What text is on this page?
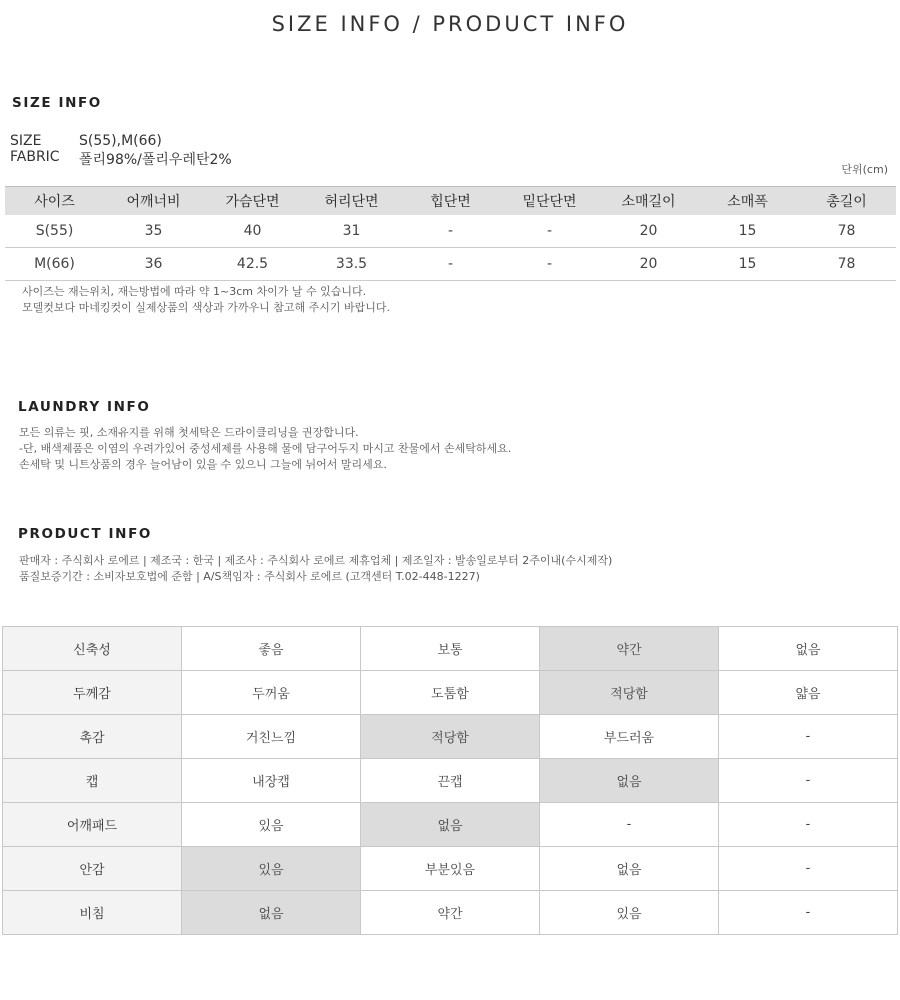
SIZE INFO / PRODUCT INFO
SIZE INFO
SIZE	S(55),M(66)
FABRIC 폴리98%/폴리우레탄2%
단위(cm)
사이즈	어깨너비	가슴단면	허리단면	힙단면	밑단단면	소매길이	소매폭	총길이
S(55)	35	40	31	-	-	20	15	78
M(66)	36	42.5	33.5	-	-	20	15	78
사이즈는 재는위치, 재는방법에 따라 약 1~3cm 차이가 날 수 있습니다.
모델컷보다 마네킹컷이 실제상품의 색상과 가까우니 참고해 주시기 바랍니다.
LAUNDRY INFO
모든 의류는 핏, 소재유지를 위해 첫세탁은 드라이클리닝을 권장합니다.
-단, 배색제품은 이염의 우려가있어 중성세제를 사용해 물에 담구어두지 마시고 찬물에서 손세탁하세요.
손세탁 및 니트상품의 경우 늘어남이 있을 수 있으니 그늘에 뉘어서 말리세요.
PRODUCT INFO
판매자 : 주식회사 로에르 | 제조국 : 한국 | 제조사 : 주식회사 로에르 제휴업체 | 제조일자 : 발송일로부터 2주이내(수시제작)
품질보증기간 : 소비자보호법에 준함 | A/S책임자 : 주식회사 로에르 (고객센터 T.02-448-1227)
신축성	좋음	보통	약간	없음
두께감	두꺼움	도톰함	적당함	얇음
촉감	거친느낌	적당함	부드러움	-
캡	내장캡	끈캡	없음	-
어깨패드	있음	없음	-	-
안감	있음	부분있음	없음	-
비침	없음	약간	있음	-
